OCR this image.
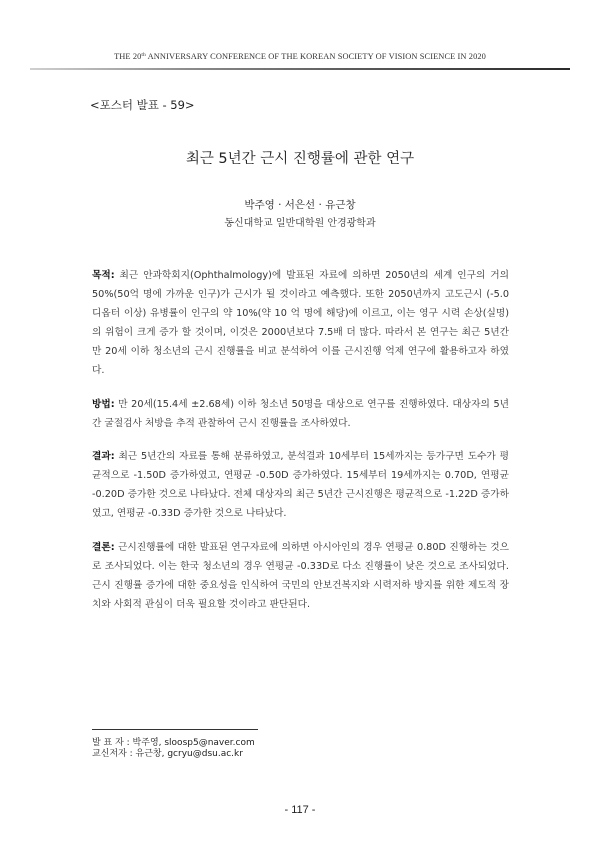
THE 20th ANNIVERSARY CONFERENCE OF THE KOREAN SOCIETY OF VISION SCIENCE IN 2020
<포스터 발표 - 59>
최근 5년간 근시 진행률에 관한 연구
박주영 · 서은선 · 유근창
동신대학교 일반대학원 안경광학과

목적: 최근 안과학회지(Ophthalmology)에 발표된 자료에 의하면 2050년의 세계 인구의 거의 50%(50억 명에 가까운 인구)가 근시가 될 것이라고 예측했다. 또한 2050년까지 고도근시 (-5.0 디옵터 이상) 유병률이 인구의 약 10%(약 10 억 명에 해당)에 이르고, 이는 영구 시력 손상(실명)의 위험이 크게 증가 할 것이며, 이것은 2000년보다 7.5배 더 많다. 따라서 본 연구는 최근 5년간 만 20세 이하 청소년의 근시 진행률을 비교 분석하여 이를 근시진행 억제 연구에 활용하고자 하였다.

방법: 만 20세(15.4세 ±2.68세) 이하 청소년 50명을 대상으로 연구를 진행하였다. 대상자의 5년간 굴절검사 처방을 추적 관찰하여 근시 진행률을 조사하였다.

결과: 최근 5년간의 자료를 통해 분류하였고, 분석결과 10세부터 15세까지는 등가구면 도수가 평균적으로 -1.50D 증가하였고, 연평균 -0.50D 증가하였다. 15세부터 19세까지는 0.70D, 연평균 -0.20D 증가한 것으로 나타났다. 전체 대상자의 최근 5년간 근시진행은 평균적으로 -1.22D 증가하였고, 연평균 -0.33D 증가한 것으로 나타났다.

결론: 근시진행률에 대한 발표된 연구자료에 의하면 아시아인의 경우 연평균 0.80D 진행하는 것으로 조사되었다. 이는 한국 청소년의 경우 연평균 -0.33D로 다소 진행률이 낮은 것으로 조사되었다. 근시 진행률 증가에 대한 중요성을 인식하여 국민의 안보건복지와 시력저하 방지를 위한 제도적 장치와 사회적 관심이 더욱 필요할 것이라고 판단된다.

발 표 자 : 박주영, sloosp5@naver.com
교신저자 : 유근창, gcryu@dsu.ac.kr
- 117 -
